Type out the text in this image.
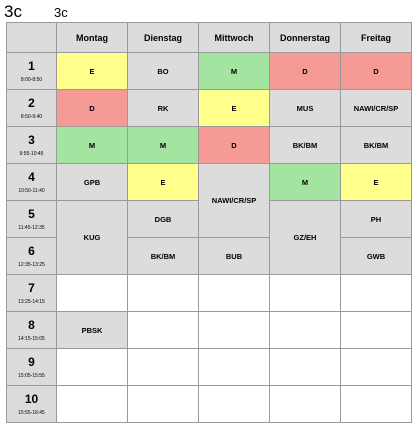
3c 3c
	Montag	Dienstag	Mittwoch	Donnerstag	Freitag

1
8:00-8:50	E	BO	M	D	D

2
8:50-9:40	D	RK	E	MUS	NAWI/CR/SP

3
9:55-10:45	M	M	D	BK/BM	BK/BM

4
10:50-11:40	GPB	E	NAWI/CR/SP	M	E

5
11:45-12:35	KUG	DGB		GZ/EH	PH

6
12:35-13:25		BK/BM	BUB		GWB

7
13:25-14:15					

8
14:15-15:05	PBSK				

9
15:05-15:55					

10
15:55-16:45					
